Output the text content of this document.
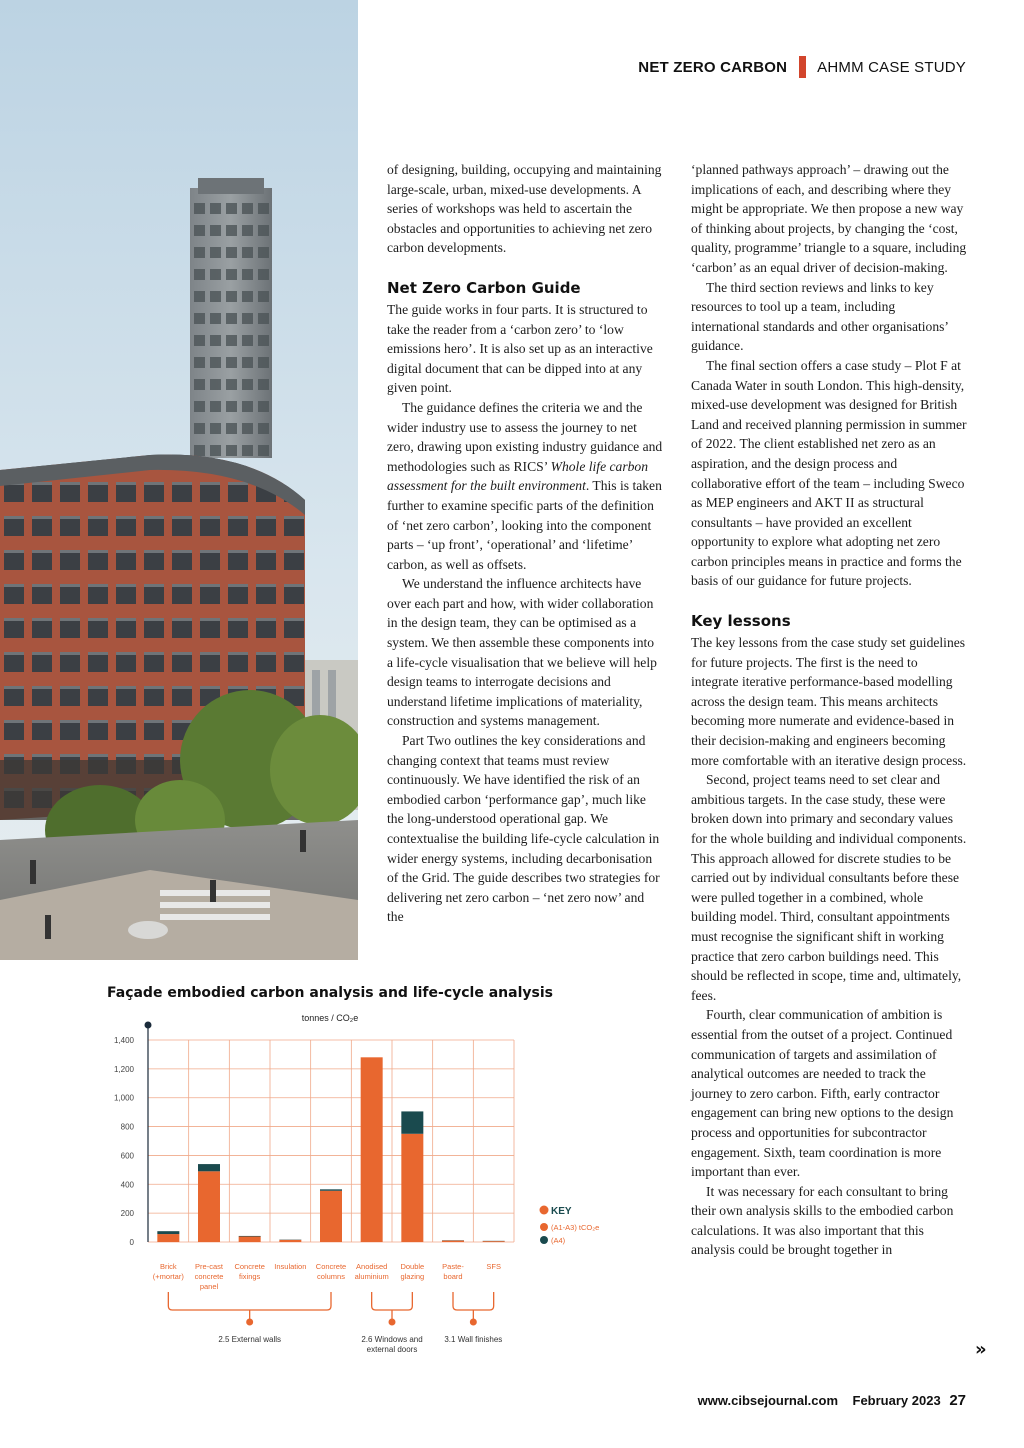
NET ZERO CARBON AHMM CASE STUDY

of designing, building, occupying and maintaining large-scale, urban, mixed-use developments. A series of workshops was held to ascertain the obstacles and opportunities to achieving net zero carbon developments.

Net Zero Carbon Guide

The guide works in four parts. It is structured to take the reader from a ‘carbon zero’ to ‘low emissions hero’. It is also set up as an interactive digital document that can be dipped into at any given point.

The guidance defines the criteria we and the wider industry use to assess the journey to net zero, drawing upon existing industry guidance and methodologies such as RICS’ Whole life carbon assessment for the built environment. This is taken further to examine specific parts of the definition of ‘net zero carbon’, looking into the component parts – ‘up front’, ‘operational’ and ‘lifetime’ carbon, as well as offsets.

We understand the influence architects have over each part and how, with wider collaboration in the design team, they can be optimised as a system. We then assemble these components into a life-cycle visualisation that we believe will help design teams to interrogate decisions and understand lifetime implications of materiality, construction and systems management.

Part Two outlines the key considerations and changing context that teams must review continuously. We have identified the risk of an embodied carbon ‘performance gap’, much like the long-understood operational gap. We contextualise the building life-cycle calculation in wider energy systems, including decarbonisation of the Grid. The guide describes two strategies for delivering net zero carbon – ‘net zero now’ and the

‘planned pathways approach’ – drawing out the implications of each, and describing where they might be appropriate. We then propose a new way of thinking about projects, by changing the ‘cost, quality, programme’ triangle to a square, including ‘carbon’ as an equal driver of decision-making.

The third section reviews and links to key resources to tool up a team, including international standards and other organisations’ guidance.

The final section offers a case study – Plot F at Canada Water in south London. This high-density, mixed-use development was designed for British Land and received planning permission in summer of 2022. The client established net zero as an aspiration, and the design process and collaborative effort of the team – including Sweco as MEP engineers and AKT II as structural consultants – have provided an excellent opportunity to explore what adopting net zero carbon principles means in practice and forms the basis of our guidance for future projects.

Key lessons

The key lessons from the case study set guidelines for future projects. The first is the need to integrate iterative performance-based modelling across the design team. This means architects becoming more numerate and evidence-based in their decision-making and engineers becoming more comfortable with an iterative design process.

Second, project teams need to set clear and ambitious targets. In the case study, these were broken down into primary and secondary values for the whole building and individual components. This approach allowed for discrete studies to be carried out by individual consultants before these were pulled together in a combined, whole building model. Third, consultant appointments must recognise the significant shift in working practice that zero carbon buildings need. This should be reflected in scope, time and, ultimately, fees.

Fourth, clear communication of ambition is essential from the outset of a project. Continued communication of targets and assimilation of analytical outcomes are needed to track the journey to zero carbon. Fifth, early contractor engagement can bring new options to the design process and opportunities for subcontractor engagement. Sixth, team coordination is more important than ever.

It was necessary for each consultant to bring their own analysis skills to the embodied carbon calculations. It was also important that this analysis could be brought together in

»
Façade embodied carbon analysis and life-cycle analysis
0
200
400
600
800
1,000
1,200
1,400
tonnes / CO₂e
Brick
(+mortar)
Pre-cast
concrete
panel
Concrete
fixings
Insulation Concrete
columns
Anodised
aluminium
Double
glazing
Paste-
board
SFS
2.5 External walls	2.6 Windows and
external doors
3.1 Wall finishes
KEY
(A1-A3) tCO₂e
(A4)
www.cibsejournal.com February 2023 27
